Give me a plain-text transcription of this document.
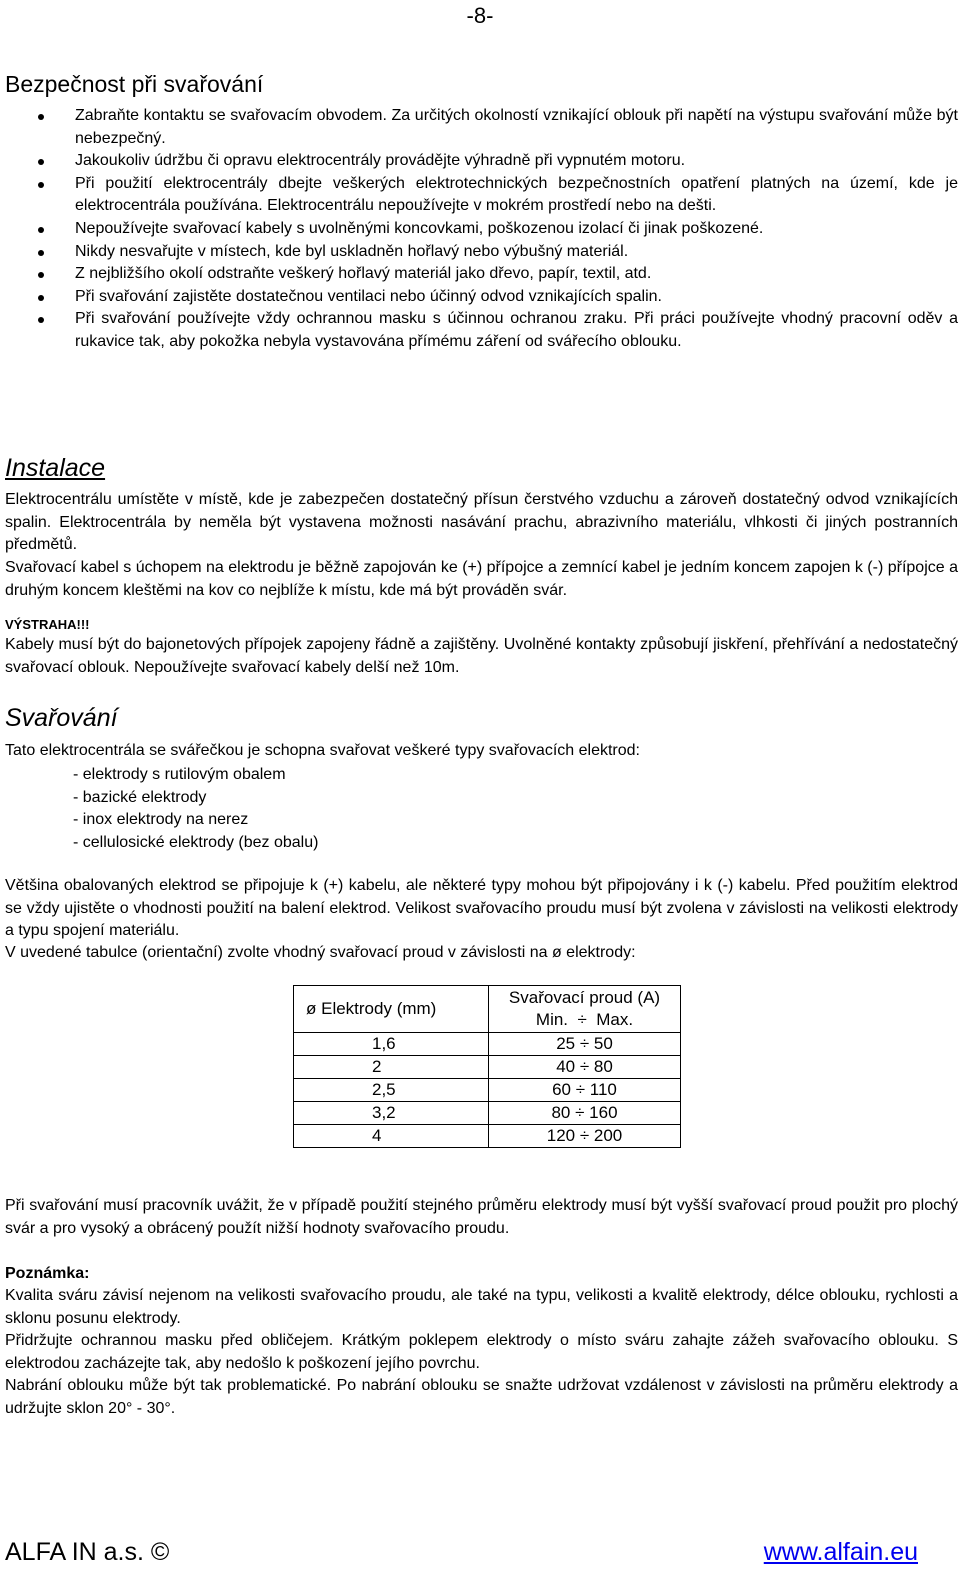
-8-
Bezpečnost při svařování
Zabraňte kontaktu se svařovacím obvodem. Za určitých okolností vznikající oblouk při napětí na výstupu svařování může být nebezpečný.
Jakoukoliv údržbu či opravu elektrocentrály provádějte výhradně při vypnutém motoru.
Při použití elektrocentrály dbejte veškerých elektrotechnických bezpečnostních opatření platných na území, kde je elektrocentrála používána. Elektrocentrálu nepoužívejte v mokrém prostředí nebo na dešti.
Nepoužívejte svařovací kabely s uvolněnými koncovkami, poškozenou izolací či jinak poškozené.
Nikdy nesvařujte v místech, kde byl uskladněn hořlavý nebo výbušný materiál.
Z nejbližšího okolí odstraňte veškerý hořlavý materiál jako dřevo, papír, textil, atd.
Při svařování zajistěte dostatečnou ventilaci nebo účinný odvod vznikajících spalin.
Při svařování používejte vždy ochrannou masku s účinnou ochranou zraku. Při práci používejte vhodný pracovní oděv a rukavice tak, aby pokožka nebyla vystavována přímému záření od svářecího oblouku.
Instalace

Elektrocentrálu umístěte v místě, kde je zabezpečen dostatečný přísun čerstvého vzduchu a zároveň dostatečný odvod vznikajících spalin. Elektrocentrála by neměla být vystavena možnosti nasávání prachu, abrazivního materiálu, vlhkosti či jiných postranních předmětů.

Svařovací kabel s úchopem na elektrodu je běžně zapojován ke (+) přípojce a zemnící kabel je jedním koncem zapojen k (-) přípojce a druhým koncem kleštěmi na kov co nejblíže k místu, kde má být prováděn svár.

VÝSTRAHA!!!

Kabely musí být do bajonetových přípojek zapojeny řádně a zajištěny. Uvolněné kontakty způsobují jiskření, přehřívání a nedostatečný svařovací oblouk. Nepoužívejte svařovací kabely delší než 10m.

Svařování

Tato elektrocentrála se svářečkou je schopna svařovat veškeré typy svařovacích elektrod:

- elektrody s rutilovým obalem
- bazické elektrody
- inox elektrody na nerez
- cellulosické elektrody (bez obalu)

Většina obalovaných elektrod se připojuje k (+) kabelu, ale některé typy mohou být připojovány i k (-) kabelu. Před použitím elektrod se vždy ujistěte o vhodnosti použití na balení elektrod. Velikost svařovacího proudu musí být zvolena v závislosti na velikosti elektrody a typu spojení materiálu.

V uvedené tabulce (orientační) zvolte vhodný svařovací proud v závislosti na ø elektrody:

ø Elektrody (mm)	Svařovací proud (A)
Min.  ÷  Max.

1,6	25 ÷ 50
2	40 ÷ 80
2,5	60 ÷ 110
3,2	80 ÷ 160
4	120 ÷ 200

Při svařování musí pracovník uvážit, že v případě použití stejného průměru elektrody musí být vyšší svařovací proud použit pro plochý svár a pro vysoký a obrácený použít nižší hodnoty svařovacího proudu.

Poznámka:

Kvalita sváru závisí nejenom na velikosti svařovacího proudu, ale také na typu, velikosti a kvalitě elektrody, délce oblouku, rychlosti a sklonu posunu elektrody.

Přidržujte ochrannou masku před obličejem. Krátkým poklepem elektrody o místo sváru zahajte zážeh svařovacího oblouku. S elektrodou zacházejte tak, aby nedošlo k poškození jejího povrchu.

Nabrání oblouku může být tak problematické. Po nabrání oblouku se snažte udržovat vzdálenost v závislosti na průměru elektrody a udržujte sklon 20° - 30°.

ALFA IN a.s. ©	www.alfain.eu
